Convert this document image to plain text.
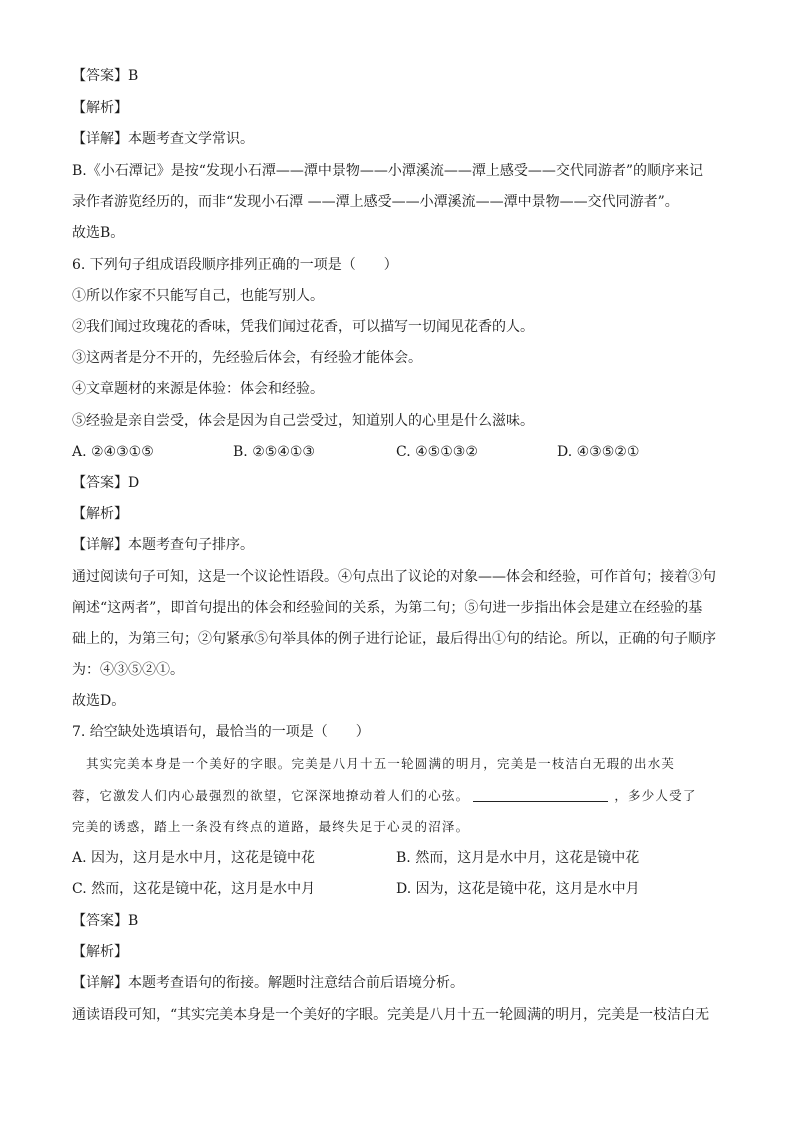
【答案】B
【解析】
【详解】本题考查文学常识。
B.《小石潭记》是按“发现小石潭——潭中景物——小潭溪流——潭上感受——交代同游者”的顺序来记
录作者游览经历的，而非“发现小石潭 ——潭上感受——小潭溪流——潭中景物——交代同游者”。
故选B。
6. 下列句子组成语段顺序排列正确的一项是（　　）
①所以作家不只能写自己，也能写别人。
②我们闻过玫瑰花的香味，凭我们闻过花香，可以描写一切闻见花香的人。
③这两者是分不开的，先经验后体会，有经验才能体会。
④文章题材的来源是体验：体会和经验。
⑤经验是亲自尝受，体会是因为自己尝受过，知道别人的心里是什么滋味。
A. ②④③①⑤	B. ②⑤④①③	C. ④⑤①③②	D. ④③⑤②①
【答案】D
【解析】
【详解】本题考查句子排序。
通过阅读句子可知，这是一个议论性语段。④句点出了议论的对象——体会和经验，可作首句；接着③句
阐述“这两者”，即首句提出的体会和经验间的关系，为第二句；⑤句进一步指出体会是建立在经验的基
础上的，为第三句；②句紧承⑤句举具体的例子进行论证，最后得出①句的结论。所以，正确的句子顺序
为：④③⑤②①。
故选D。
7. 给空缺处选填语句，最恰当的一项是（　　）
其实完美本身是一个美好的字眼。完美是八月十五一轮圆满的明月，完美是一枝洁白无瑕的出水芙
蓉，它激发人们内心最强烈的欲望，它深深地撩动着人们的心弦。	，多少人受了
完美的诱惑，踏上一条没有终点的道路，最终失足于心灵的沼泽。
A. 因为，这月是水中月，这花是镜中花	B. 然而，这月是水中月，这花是镜中花
C. 然而，这花是镜中花，这月是水中月	D. 因为，这花是镜中花，这月是水中月
【答案】B
【解析】
【详解】本题考查语句的衔接。解题时注意结合前后语境分析。
通读语段可知，“其实完美本身是一个美好的字眼。完美是八月十五一轮圆满的明月，完美是一枝洁白无
